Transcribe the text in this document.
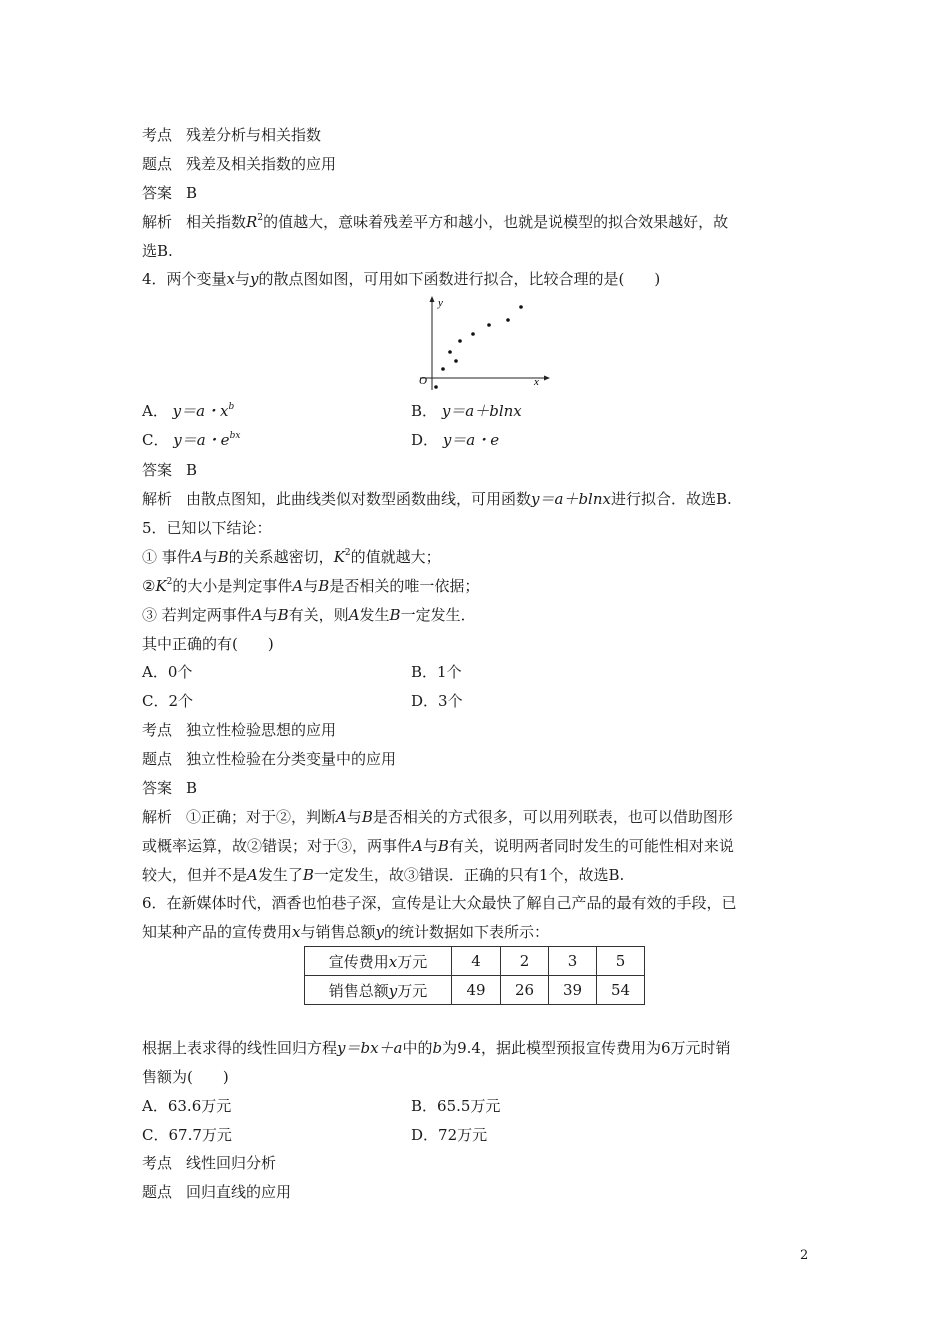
考点 残差分析与相关指数
题点 残差及相关指数的应用
答案 B
解析 相关指数$R^2$的值越大，意味着残差平方和越小，也就是说模型的拟合效果越好，故
选B.
4．两个变量x与y的散点图如图，可用如下函数进行拟合，比较合理的是(　　)
y
x
O
A． y＝a・$x^b$	B． y＝a＋blnx
C． y＝a・$e^{bx}$	D． y＝a・e
答案 B
解析 由散点图知，此曲线类似对数型函数曲线，可用函数y＝a＋blnx进行拟合．故选B.
5．已知以下结论：
① 事件A与B的关系越密切，$K^2$的值就越大；
$②K^2$的大小是判定事件A与B是否相关的唯一依据；
③ 若判定两事件A与B有关，则A发生B一定发生．
其中正确的有(　　)
A．0个	B．1个
C．2个	D．3个
考点 独立性检验思想的应用
题点 独立性检验在分类变量中的应用
答案 B
解析 ①正确；对于②，判断A与B是否相关的方式很多，可以用列联表，也可以借助图形
或概率运算，故②错误；对于③，两事件A与B有关，说明两者同时发生的可能性相对来说
较大，但并不是A发生了B一定发生，故③错误．正确的只有1个，故选B.
6．在新媒体时代，酒香也怕巷子深，宣传是让大众最快了解自己产品的最有效的手段，已
知某种产品的宣传费用x与销售总额y的统计数据如下表所示：
宣传费用x万元	4	2	3	5
销售总额y万元	49	26	39	54
根据上表求得的线性回归方程y＝bx＋a中的b为9.4，据此模型预报宣传费用为6万元时销
售额为(　　)
A．63.6万元	B．65.5万元
C．67.7万元	D．72万元
考点 线性回归分析
题点 回归直线的应用
2
